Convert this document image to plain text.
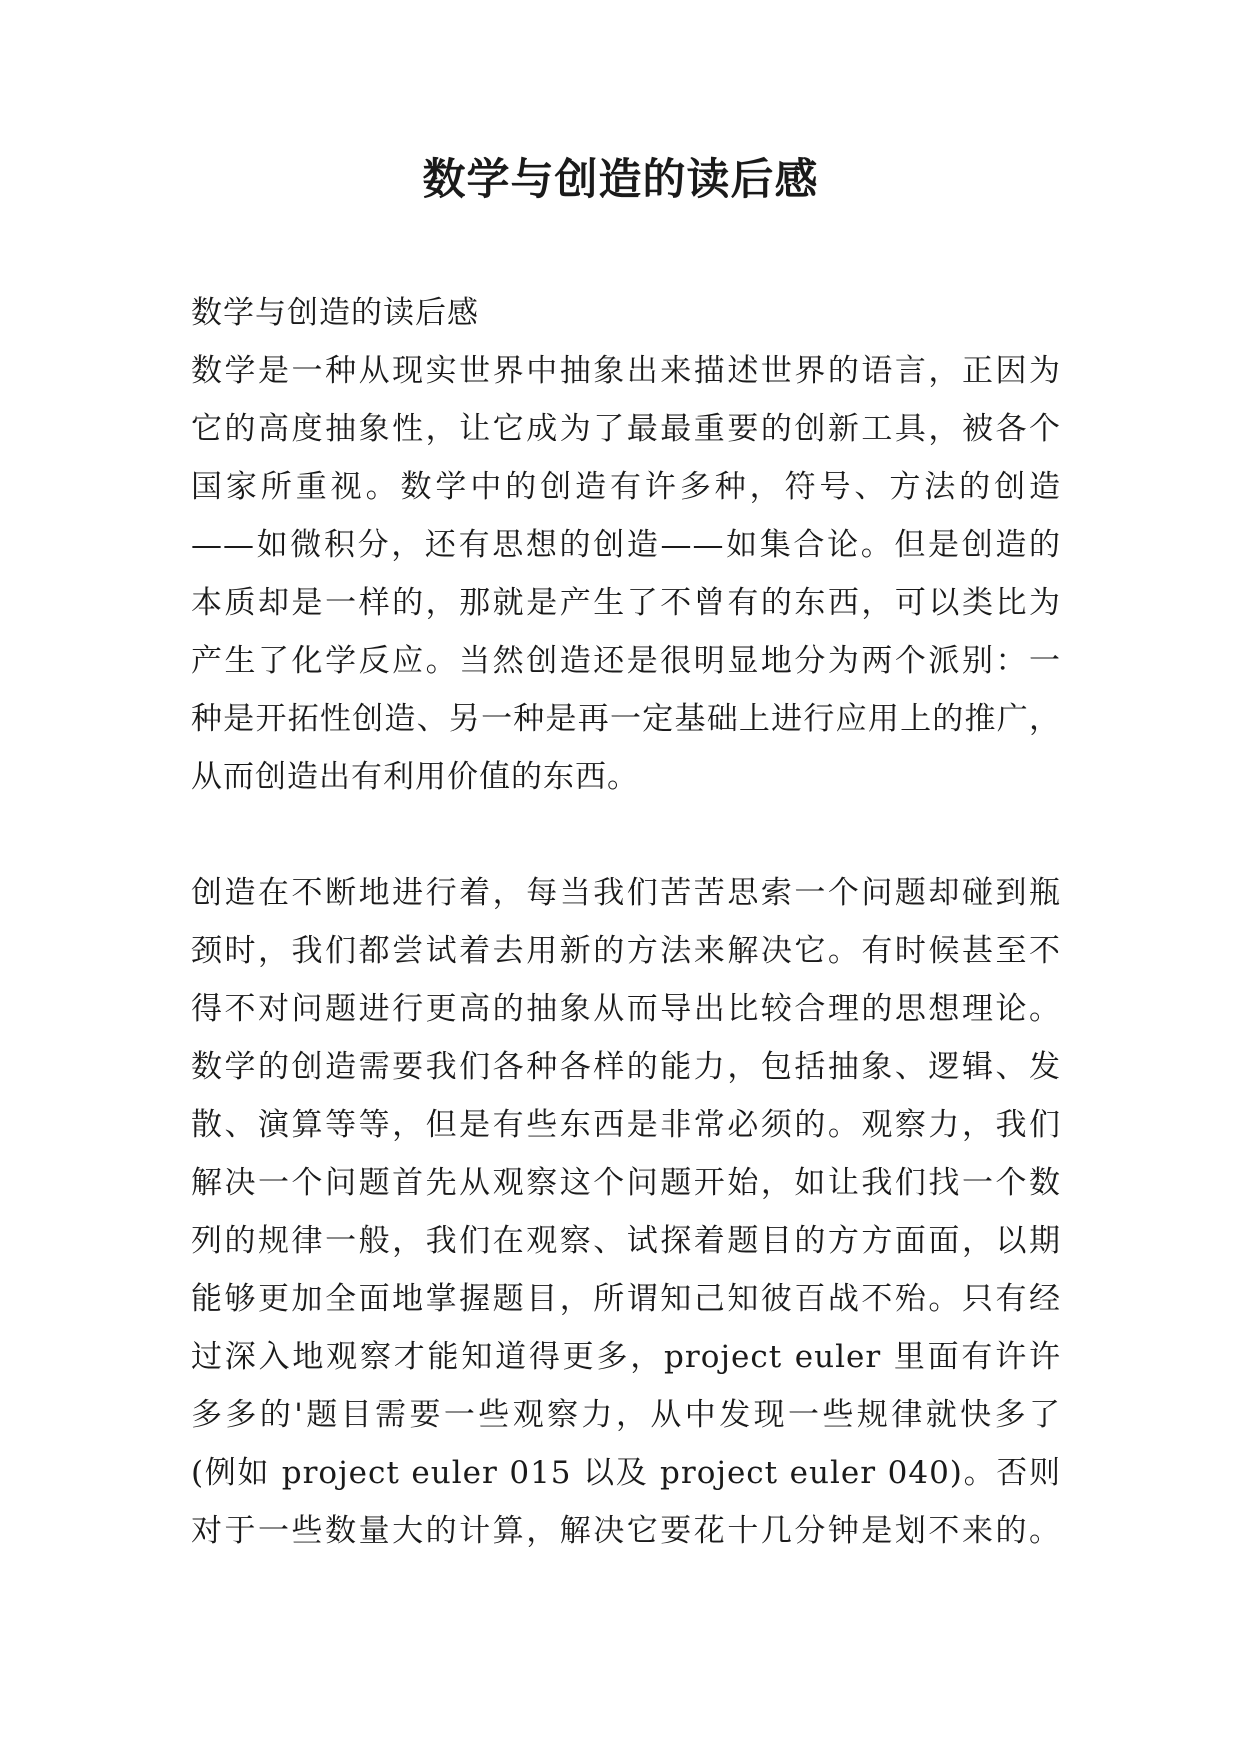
数学与创造的读后感
数学与创造的读后感
数学是一种从现实世界中抽象出来描述世界的语言，正因为
它的高度抽象性，让它成为了最最重要的创新工具，被各个
国家所重视。数学中的创造有许多种，符号、方法的创造
——如微积分，还有思想的创造——如集合论。但是创造的
本质却是一样的，那就是产生了不曾有的东西，可以类比为
产生了化学反应。当然创造还是很明显地分为两个派别：一
种是开拓性创造、另一种是再一定基础上进行应用上的推广，
从而创造出有利用价值的东西。
创造在不断地进行着，每当我们苦苦思索一个问题却碰到瓶
颈时，我们都尝试着去用新的方法来解决它。有时候甚至不
得不对问题进行更高的抽象从而导出比较合理的思想理论。
数学的创造需要我们各种各样的能力，包括抽象、逻辑、发
散、演算等等，但是有些东西是非常必须的。观察力，我们
解决一个问题首先从观察这个问题开始，如让我们找一个数
列的规律一般，我们在观察、试探着题目的方方面面，以期
能够更加全面地掌握题目，所谓知己知彼百战不殆。只有经
过深入地观察才能知道得更多，project euler 里面有许许
多多的'题目需要一些观察力，从中发现一些规律就快多了
(例如 project euler 015 以及 project euler 040)。否则
对于一些数量大的计算，解决它要花十几分钟是划不来的。
